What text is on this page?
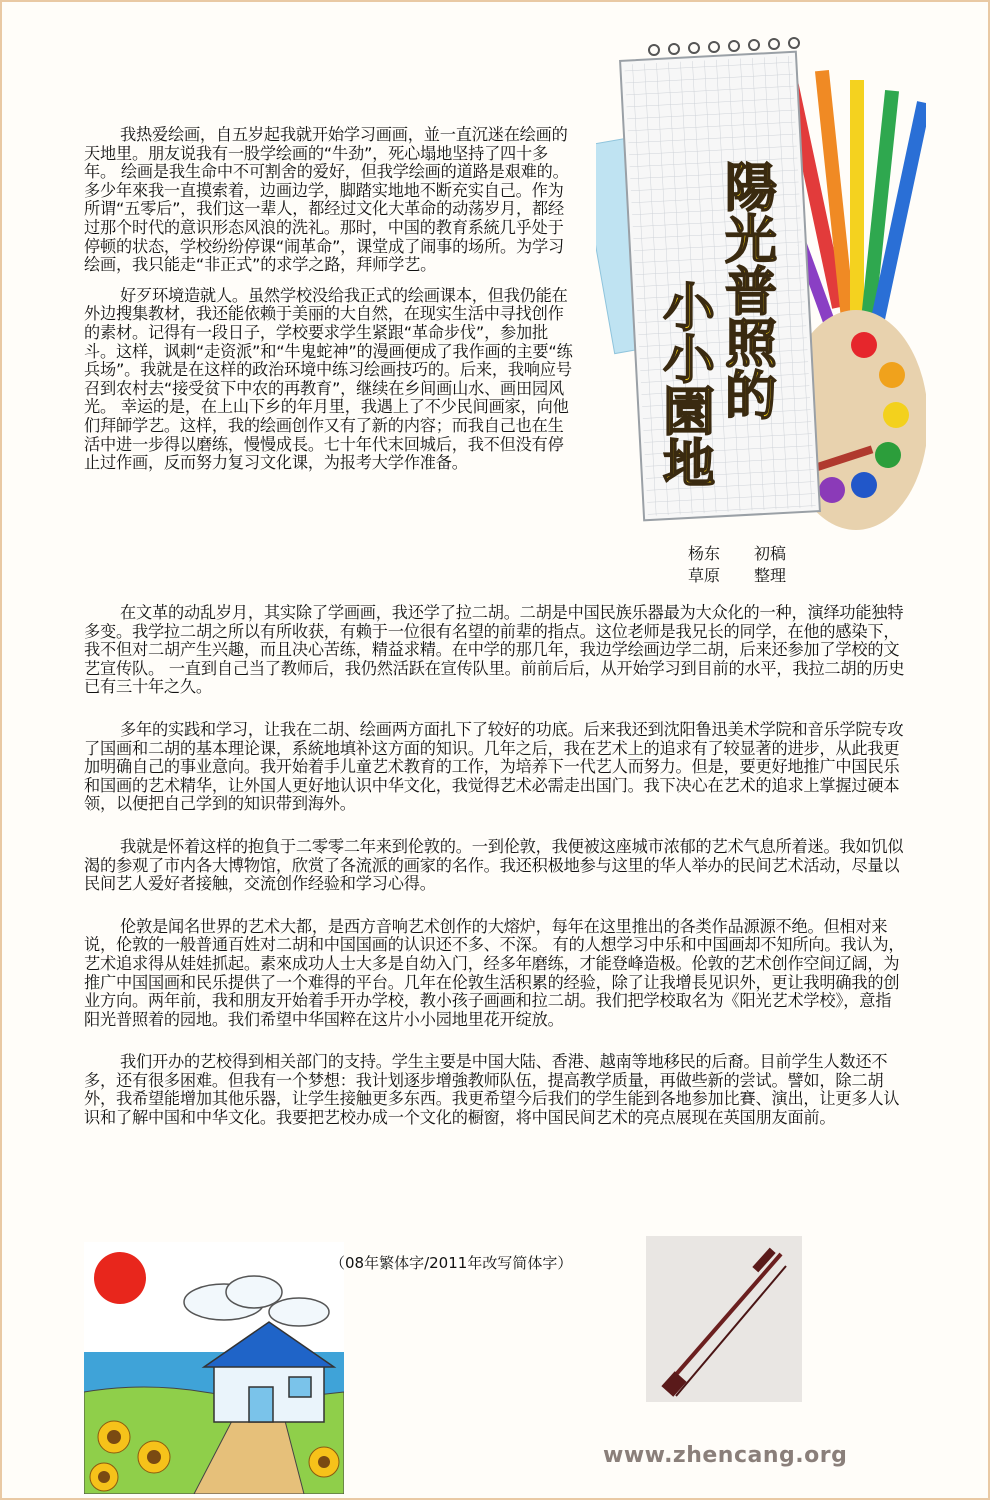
陽光普照的
小小園地
杨东 初稿
草原 整理

我热爱绘画，自五岁起我就开始学习画画，並一直沉迷在绘画的天地里。朋友说我有一股学绘画的“牛劲”，死心塌地坚持了四十多年。 绘画是我生命中不可割舍的爱好，但我学绘画的道路是艰难的。多少年來我一直摸索着，边画边学，脚踏实地地不断充实自己。作为所谓“五零后”，我们这一辈人，都经过文化大革命的动荡岁月，都经过那个时代的意识形态风浪的洗礼。那时，中国的教育系統几乎处于停顿的状态，学校纷纷停课“闹革命”，课堂成了闹事的场所。为学习绘画，我只能走“非正式”的求学之路，拜师学艺。

好歹环境造就人。虽然学校没给我正式的绘画课本，但我仍能在外边搜集教材，我还能依赖于美丽的大自然，在现实生活中寻找创作的素材。记得有一段日子，学校要求学生紧跟“革命步伐”，参加批斗。这样，讽刺“走资派”和“牛鬼蛇神”的漫画便成了我作画的主要“练兵场”。我就是在这样的政治环境中练习绘画技巧的。后来，我响应号召到农村去“接受贫下中农的再教育”，继续在乡间画山水、画田园风光。 幸运的是，在上山下乡的年月里，我遇上了不少民间画家，向他们拜師学艺。这样，我的绘画创作又有了新的内容；而我自己也在生活中进一步得以磨练，慢慢成長。七十年代末回城后，我不但没有停止过作画，反而努力复习文化课，为报考大学作准备。

在文革的动乱岁月，其实除了学画画，我还学了拉二胡。二胡是中国民族乐器最为大众化的一种，演绎功能独特多变。我学拉二胡之所以有所收获，有赖于一位很有名望的前辈的指点。这位老师是我兄长的同学，在他的感染下，我不但对二胡产生兴趣，而且决心苦练，精益求精。在中学的那几年，我边学绘画边学二胡，后来还参加了学校的文艺宣传队。 一直到自己当了教师后，我仍然活跃在宣传队里。前前后后，从开始学习到目前的水平，我拉二胡的历史已有三十年之久。

多年的实践和学习，让我在二胡、绘画两方面扎下了较好的功底。后来我还到沈阳鲁迅美术学院和音乐学院专攻了国画和二胡的基本理论课，系統地填补这方面的知识。几年之后，我在艺术上的追求有了较显著的进步，从此我更加明确自己的事业意向。我开始着手儿童艺术教育的工作，为培养下一代艺人而努力。但是，要更好地推广中国民乐和国画的艺术精华，让外国人更好地认识中华文化，我觉得艺术必需走出国门。我下决心在艺术的追求上掌握过硬本领，以便把自己学到的知识带到海外。

我就是怀着这样的抱負于二零零二年来到伦敦的。一到伦敦，我便被这座城市浓郁的艺术气息所着迷。我如饥似渴的参观了市内各大博物馆，欣赏了各流派的画家的名作。我还积极地参与这里的华人举办的民间艺术活动，尽量以民间艺人爱好者接触，交流创作经验和学习心得。

伦敦是闻名世界的艺术大都，是西方音响艺术创作的大熔炉，每年在这里推出的各类作品源源不绝。但相对来说，伦敦的一般普通百姓对二胡和中国国画的认识还不多、不深。 有的人想学习中乐和中国画却不知所向。我认为，艺术追求得从娃娃抓起。素來成功人士大多是自幼入门，经多年磨练，才能登峰造极。伦敦的艺术创作空间辽阔，为推广中国国画和民乐提供了一个难得的平台。几年在伦敦生活积累的经验，除了让我增長见识外，更让我明确我的创业方向。两年前，我和朋友开始着手开办学校，教小孩子画画和拉二胡。我们把学校取名为《阳光艺术学校》，意指阳光普照着的园地。我们希望中华国粹在这片小小园地里花开绽放。

我们开办的艺校得到相关部门的支持。学生主要是中国大陆、香港、越南等地移民的后裔。目前学生人数还不多，还有很多困难。但我有一个梦想：我计划逐步增強教师队伍，提高教学质量，再做些新的尝试。譬如，除二胡外，我希望能增加其他乐器，让学生接触更多东西。我更希望今后我们的学生能到各地参加比賽、演出，让更多人认识和了解中国和中华文化。我要把艺校办成一个文化的橱窗，将中国民间艺术的亮点展现在英国朋友面前。

（08年繁体字/2011年改写简体字）
www.zhencang.org
